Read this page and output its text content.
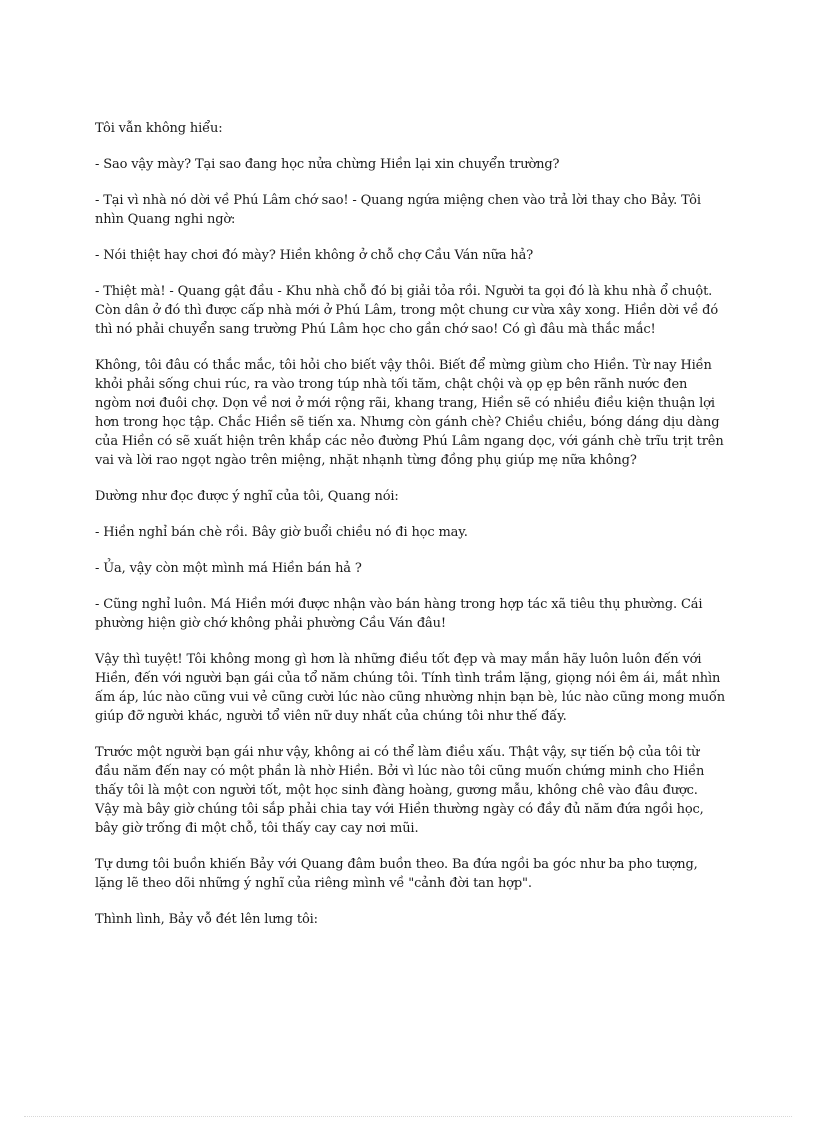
Tôi vẫn không hiểu:

- Sao vậy mày? Tại sao đang học nửa chừng Hiền lại xin chuyển trường?

- Tại vì nhà nó dời về Phú Lâm chớ sao! - Quang ngứa miệng chen vào trả lời thay cho Bảy. Tôi nhìn Quang nghi ngờ:

- Nói thiệt hay chơi đó mày? Hiền không ở chỗ chợ Cầu Ván nữa hả?

- Thiệt mà! - Quang gật đầu - Khu nhà chỗ đó bị giải tỏa rồi. Người ta gọi đó là khu nhà ổ chuột. Còn dân ở đó thì được cấp nhà mới ở Phú Lâm, trong một chung cư vừa xây xong. Hiền dời về đó thì nó phải chuyển sang trường Phú Lâm học cho gần chớ sao! Có gì đâu mà thắc mắc!

Không, tôi đâu có thắc mắc, tôi hỏi cho biết vậy thôi. Biết để mừng giùm cho Hiền. Từ nay Hiền khỏi phải sống chui rúc, ra vào trong túp nhà tối tăm, chật chội và ọp ẹp bên rãnh nước đen ngòm nơi đuôi chợ. Dọn về nơi ở mới rộng rãi, khang trang, Hiền sẽ có nhiều điều kiện thuận lợi hơn trong học tập. Chắc Hiền sẽ tiến xa. Nhưng còn gánh chè? Chiều chiều, bóng dáng dịu dàng của Hiền có sẽ xuất hiện trên khắp các nẻo đường Phú Lâm ngang dọc, với gánh chè trĩu trịt trên vai và lời rao ngọt ngào trên miệng, nhặt nhạnh từng đồng phụ giúp mẹ nữa không?

Dường như đọc được ý nghĩ của tôi, Quang nói:

- Hiền nghỉ bán chè rồi. Bây giờ buổi chiều nó đi học may.

- Ủa, vậy còn một mình má Hiền bán hả ?

- Cũng nghỉ luôn. Má Hiền mới được nhận vào bán hàng trong hợp tác xã tiêu thụ phường. Cái phường hiện giờ chớ không phải phường Cầu Ván đâu!

Vậy thì tuyệt! Tôi không mong gì hơn là những điều tốt đẹp và may mắn hãy luôn luôn đến với Hiền, đến với người bạn gái của tổ năm chúng tôi. Tính tình trầm lặng, giọng nói êm ái, mắt nhìn ấm áp, lúc nào cũng vui vẻ cũng cười lúc nào cũng nhường nhịn bạn bè, lúc nào cũng mong muốn giúp đỡ người khác, người tổ viên nữ duy nhất của chúng tôi như thế đấy.

Trước một người bạn gái như vậy, không ai có thể làm điều xấu. Thật vậy, sự tiến bộ của tôi từ đầu năm đến nay có một phần là nhờ Hiền. Bởi vì lúc nào tôi cũng muốn chứng minh cho Hiền thấy tôi là một con người tốt, một học sinh đàng hoàng, gương mẫu, không chê vào đâu được. Vậy mà bây giờ chúng tôi sắp phải chia tay với Hiền thường ngày có đầy đủ năm đứa ngồi học, bây giờ trống đi một chỗ, tôi thấy cay cay nơi mũi.

Tự dưng tôi buồn khiến Bảy với Quang đâm buồn theo. Ba đứa ngồi ba góc như ba pho tượng, lặng lẽ theo dõi những ý nghĩ của riêng mình về "cảnh đời tan hợp".

Thình lình, Bảy vỗ đét lên lưng tôi:
